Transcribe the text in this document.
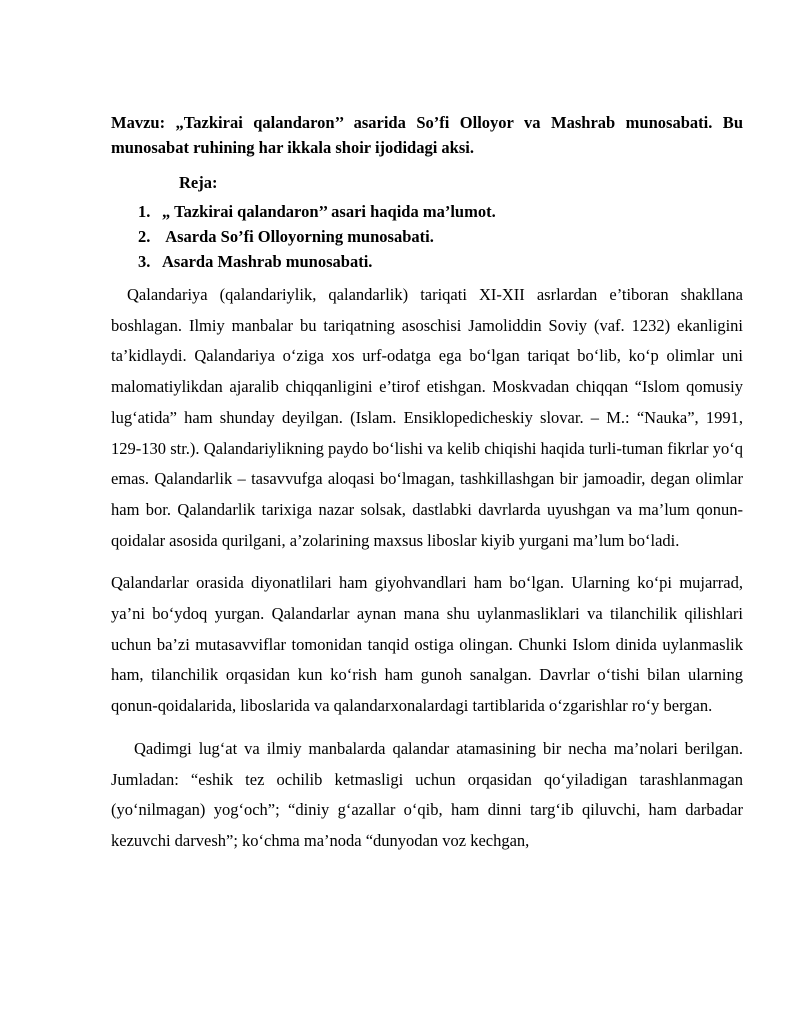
Mavzu: „Tazkirai qalandaron’’ asarida So’fi Olloyor va Mashrab munosabati. Bu munosabat ruhining har ikkala shoir ijodidagi aksi.

Reja:
1. „ Tazkirai qalandaron’’ asari haqida ma’lumot.
2. Asarda So’fi Olloyorning munosabati.
3. Asarda Mashrab munosabati.

Qalandariya (qalandariylik, qalandarlik) tariqati XI-XII asrlardan e’tiboran shakllana boshlagan. Ilmiy manbalar bu tariqatning asoschisi Jamoliddin Soviy (vaf. 1232) ekanligini ta’kidlaydi. Qalandariya o‘ziga xos urf-odatga ega bo‘lgan tariqat bo‘lib, ko‘p olimlar uni malomatiylikdan ajaralib chiqqanligini e’tirof etishgan. Moskvadan chiqqan “Islom qomusiy lug‘atida” ham shunday deyilgan. (Islam. Ensiklopedicheskiy slovar. – M.: “Nauka”, 1991, 129-130 str.). Qalandariylikning paydo bo‘lishi va kelib chiqishi haqida turli-tuman fikrlar yo‘q emas. Qalandarlik – tasavvufga aloqasi bo‘lmagan, tashkillashgan bir jamoadir, degan olimlar ham bor. Qalandarlik tarixiga nazar solsak, dastlabki davrlarda uyushgan va ma’lum qonun-qoidalar asosida qurilgani, a’zolarining maxsus liboslar kiyib yurgani ma’lum bo‘ladi.

Qalandarlar orasida diyonatlilari ham giyohvandlari ham bo‘lgan. Ularning ko‘pi mujarrad, ya’ni bo‘ydoq yurgan. Qalandarlar aynan mana shu uylanmasliklari va tilanchilik qilishlari uchun ba’zi mutasavviflar tomonidan tanqid ostiga olingan. Chunki Islom dinida uylanmaslik ham, tilanchilik orqasidan kun ko‘rish ham gunoh sanalgan. Davrlar o‘tishi bilan ularning qonun-qoidalarida, liboslarida va qalandarxonalardagi tartiblarida o‘zgarishlar ro‘y bergan.

Qadimgi lug‘at va ilmiy manbalarda qalandar atamasining bir necha ma’nolari berilgan. Jumladan: “eshik tez ochilib ketmasligi uchun orqasidan qo‘yiladigan tarashlanmagan (yo‘nilmagan) yog‘och”; “diniy g‘azallar o‘qib, ham dinni targ‘ib qiluvchi, ham darbadar kezuvchi darvesh”; ko‘chma ma’noda “dunyodan voz kechgan,
